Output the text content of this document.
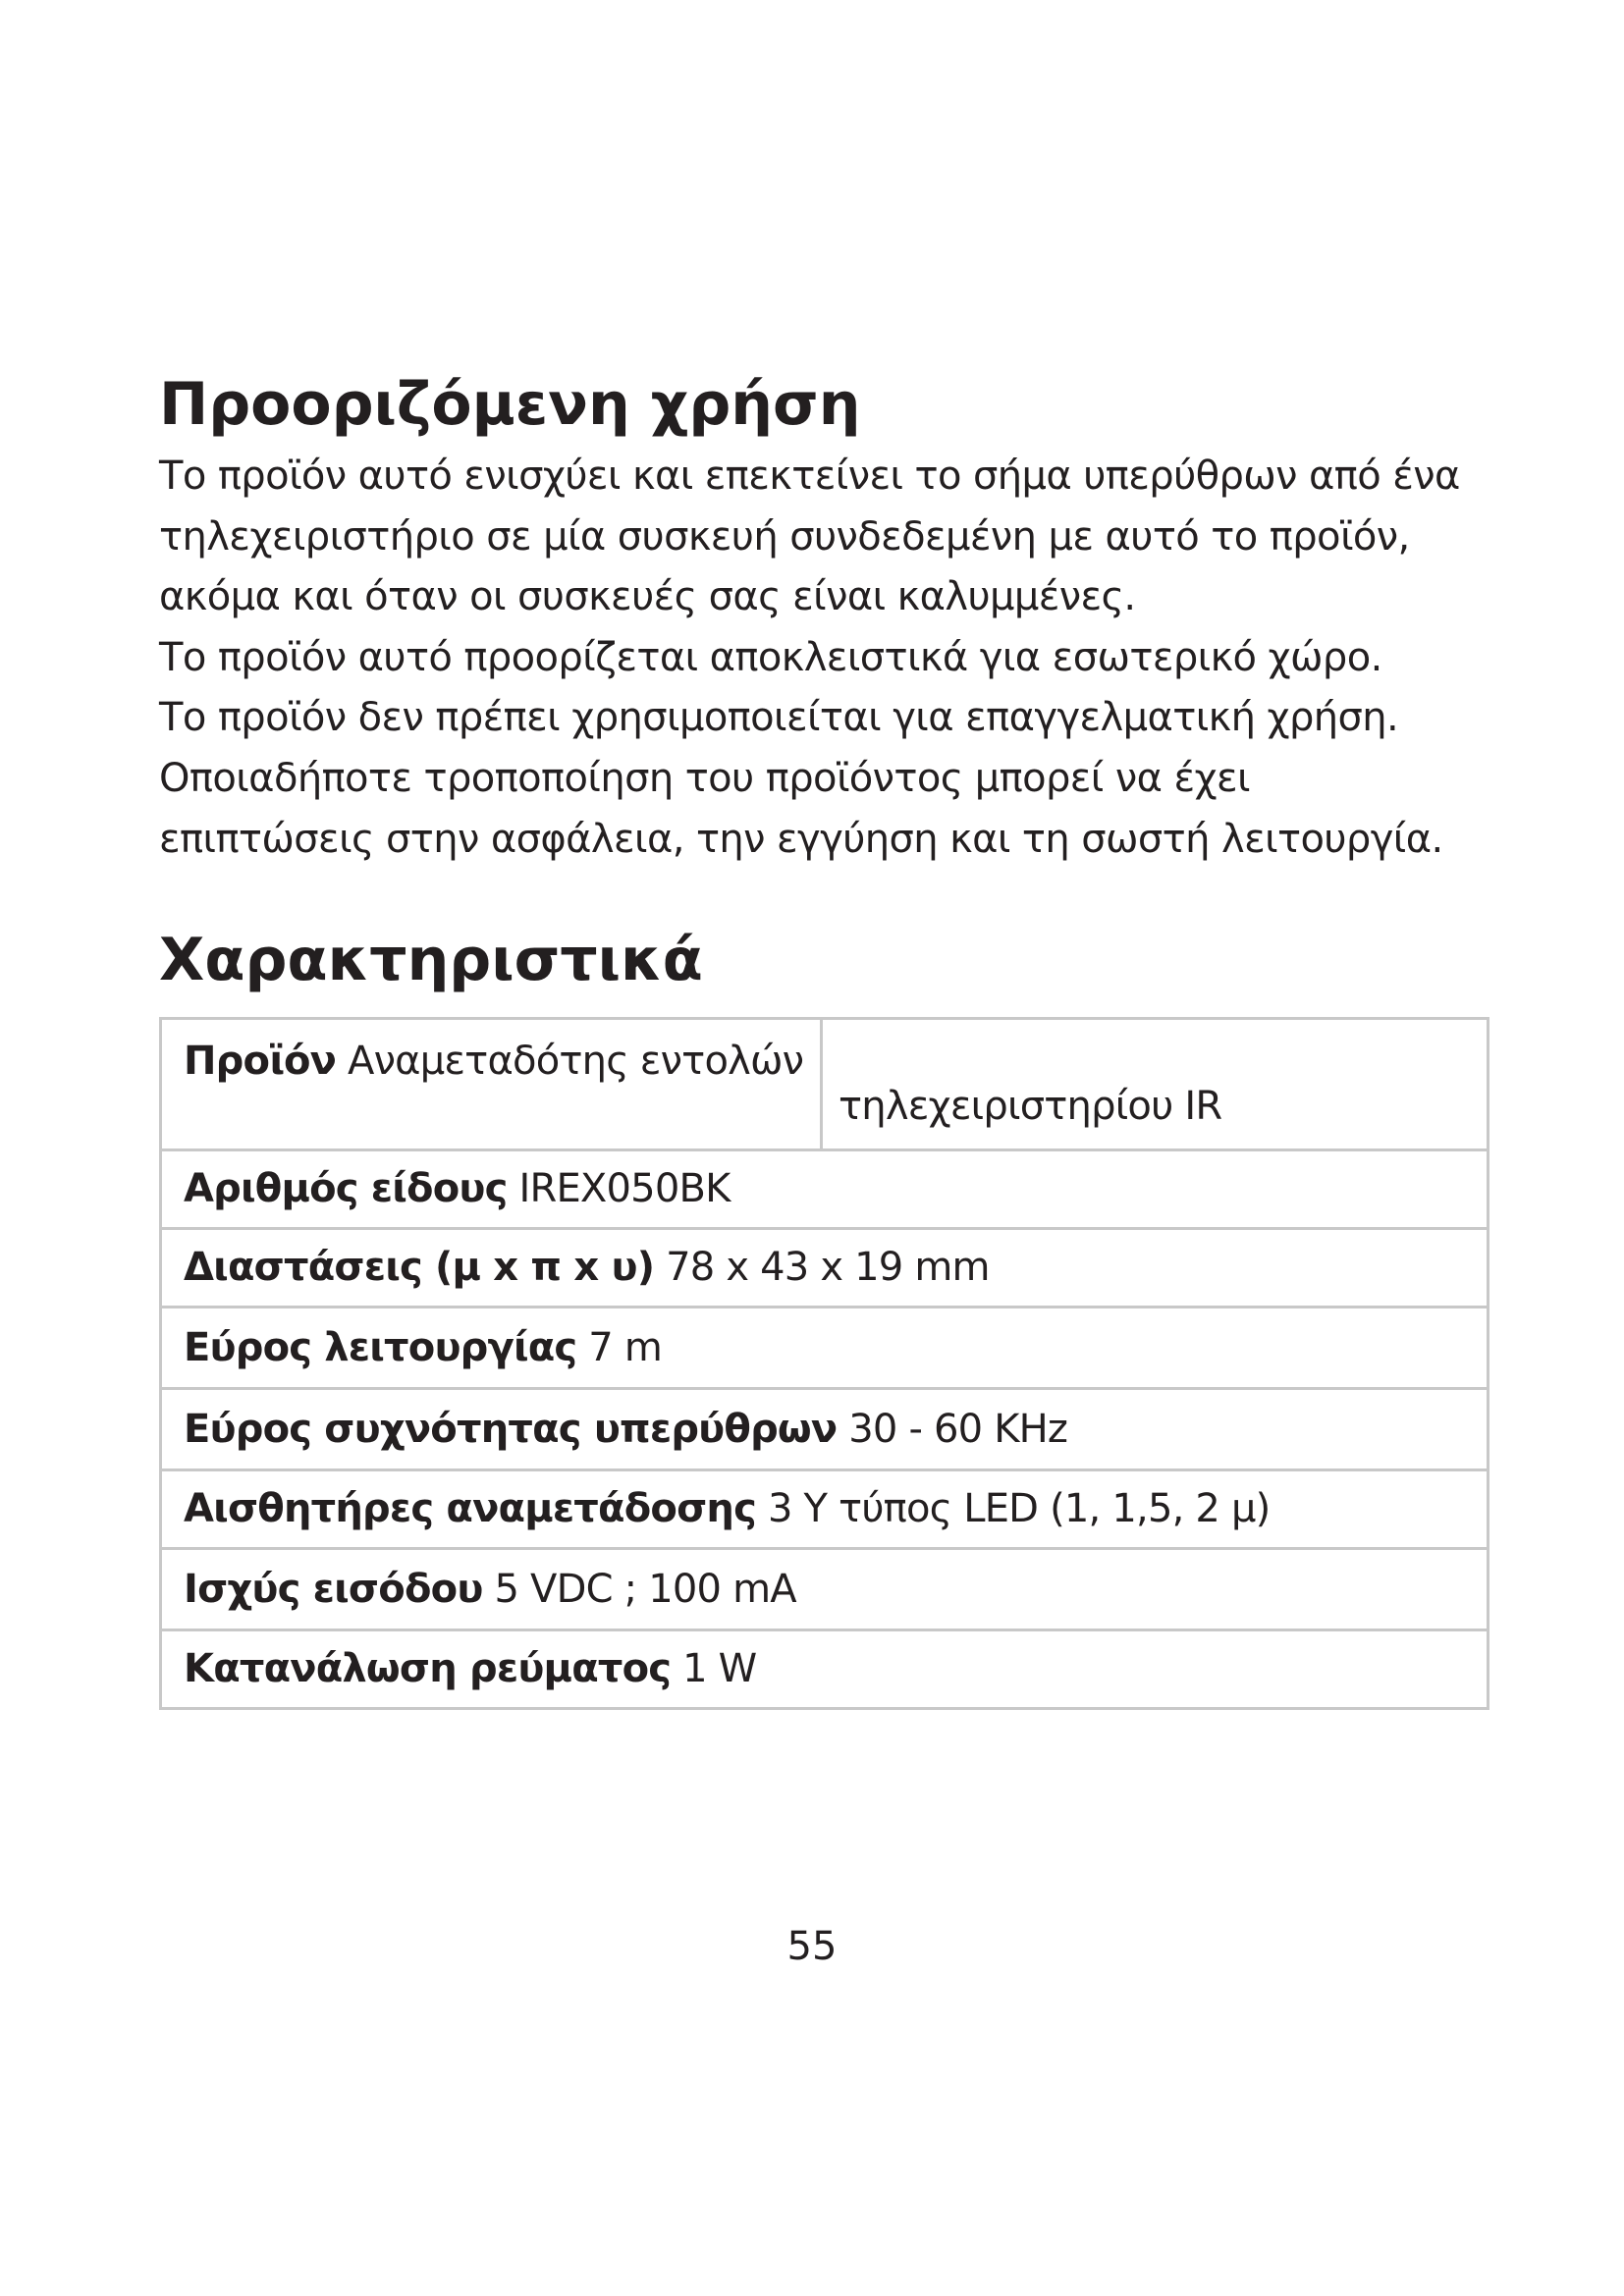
Προοριζόμενη χρήση
Το προϊόν αυτό ενισχύει και επεκτείνει το σήμα υπερύθρων από ένα
τηλεχειριστήριο σε μία συσκευή συνδεδεμένη με αυτό το προϊόν,
ακόμα και όταν οι συσκευές σας είναι καλυμμένες.
Το προϊόν αυτό προορίζεται αποκλειστικά για εσωτερικό χώρο.
Το προϊόν δεν πρέπει χρησιμοποιείται για επαγγελματική χρήση.
Οποιαδήποτε τροποποίηση του προϊόντος μπορεί να έχει
επιπτώσεις στην ασφάλεια, την εγγύηση και τη σωστή λειτουργία.
Χαρακτηριστικά
Προϊόν Αναμεταδότης εντολών

τηλεχειριστηρίου IR

Αριθμός είδους IREX050BK

Διαστάσεις (μ x π x υ) 78 x 43 x 19 mm

Εύρος λειτουργίας 7 m

Εύρος συχνότητας υπερύθρων 30 - 60 KHz

Αισθητήρες αναμετάδοσης 3 Y τύπος LED (1, 1,5, 2 μ)

Ισχύς εισόδου 5 VDC ; 100 mA

Κατανάλωση ρεύματος 1 W
55
